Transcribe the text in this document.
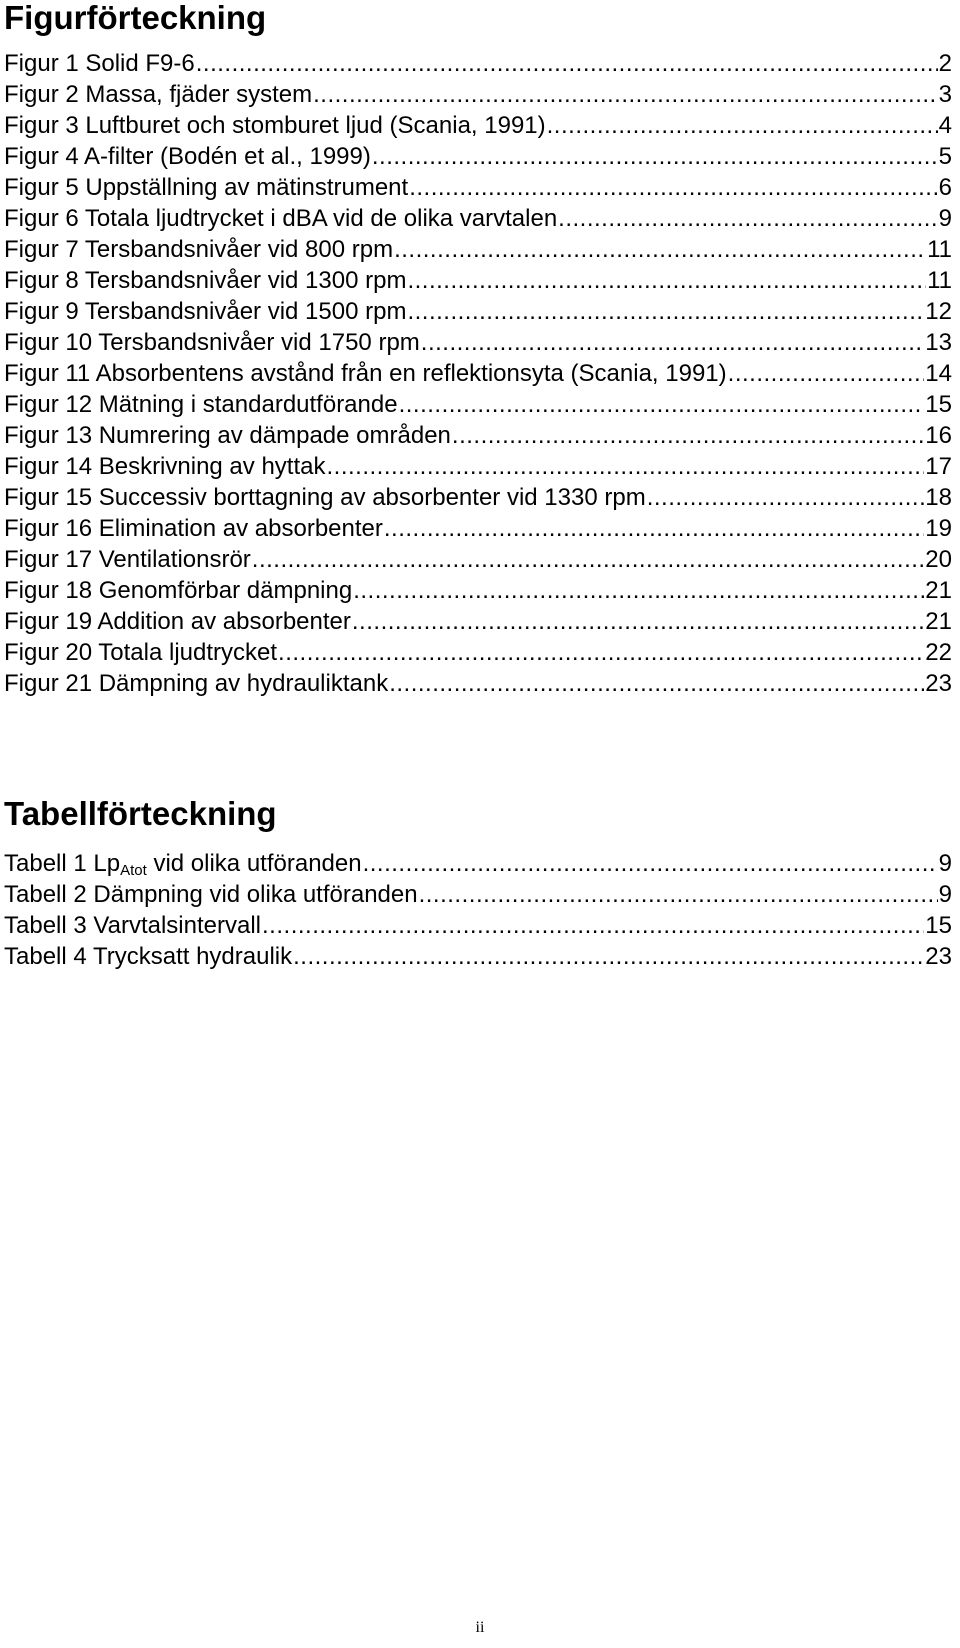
Figurförteckning
Figur 1 Solid F9-6 .....	2
Figur 2 Massa, fjäder system .....	3
Figur 3 Luftburet och stomburet ljud (Scania, 1991) .....	4
Figur 4 A-filter (Bodén et al., 1999) .....	5
Figur 5 Uppställning av mätinstrument .....	6
Figur 6 Totala ljudtrycket i dBA vid de olika varvtalen .....	9
Figur 7 Tersbandsnivåer vid 800 rpm .....	11
Figur 8 Tersbandsnivåer vid 1300 rpm .....	11
Figur 9 Tersbandsnivåer vid 1500 rpm .....	12
Figur 10 Tersbandsnivåer vid 1750 rpm .....	13
Figur 11 Absorbentens avstånd från en reflektionsyta (Scania, 1991) .....	14
Figur 12 Mätning i standardutförande .....	15
Figur 13 Numrering av dämpade områden .....	16
Figur 14 Beskrivning av hyttak .....	17
Figur 15 Successiv borttagning av absorbenter vid 1330 rpm .....	18
Figur 16 Elimination av absorbenter .....	19
Figur 17 Ventilationsrör .....	20
Figur 18 Genomförbar dämpning .....	21
Figur 19 Addition av absorbenter .....	21
Figur 20 Totala ljudtrycket .....	22
Figur 21 Dämpning av hydrauliktank .....	23
Tabellförteckning
Tabell 1 $Lp_{Atot}$ vid olika utföranden .....	9
Tabell 2 Dämpning vid olika utföranden .....	9
Tabell 3 Varvtalsintervall .....	15
Tabell 4 Trycksatt hydraulik .....	23
ii
